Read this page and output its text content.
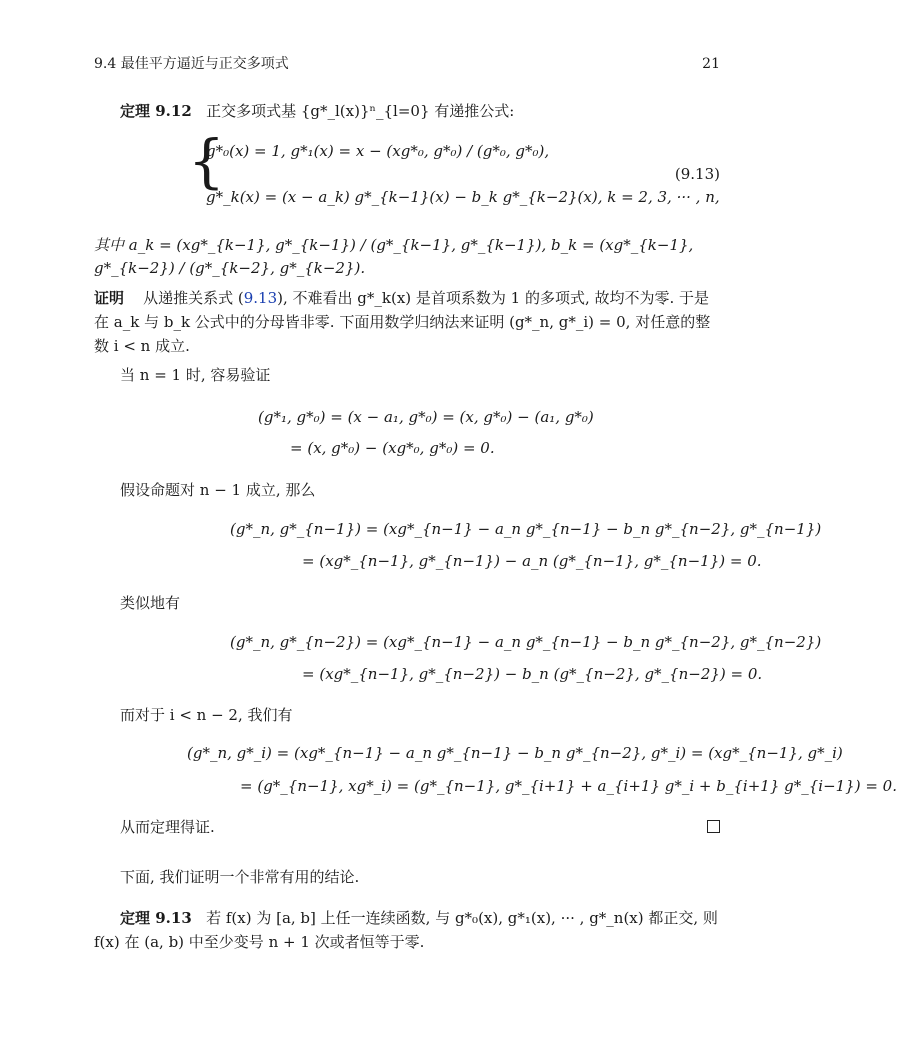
9.4 最佳平方逼近与正交多项式	21
定理 9.12 正交多项式基 {g*_l(x)}ⁿ_{l=0} 有递推公式:
{
g*₀(x) = 1, g*₁(x) = x − (xg*₀, g*₀) / (g*₀, g*₀),
g*_k(x) = (x − a_k) g*_{k−1}(x) − b_k g*_{k−2}(x), k = 2, 3, ··· , n,
(9.13)
其中 a_k = (xg*_{k−1}, g*_{k−1}) / (g*_{k−1}, g*_{k−1}), b_k = (xg*_{k−1}, g*_{k−2}) / (g*_{k−2}, g*_{k−2}).
证明 从递推关系式 (9.13), 不难看出 g*_k(x) 是首项系数为 1 的多项式, 故均不为零. 于是在 a_k 与 b_k 公式中的分母皆非零. 下面用数学归纳法来证明 (g*_n, g*_i) = 0, 对任意的整数 i < n 成立.
当 n = 1 时, 容易验证
(g*₁, g*₀) = (x − a₁, g*₀) = (x, g*₀) − (a₁, g*₀)
= (x, g*₀) − (xg*₀, g*₀) = 0.
假设命题对 n − 1 成立, 那么
(g*_n, g*_{n−1}) = (xg*_{n−1} − a_n g*_{n−1} − b_n g*_{n−2}, g*_{n−1})
= (xg*_{n−1}, g*_{n−1}) − a_n (g*_{n−1}, g*_{n−1}) = 0.
类似地有
(g*_n, g*_{n−2}) = (xg*_{n−1} − a_n g*_{n−1} − b_n g*_{n−2}, g*_{n−2})
= (xg*_{n−1}, g*_{n−2}) − b_n (g*_{n−2}, g*_{n−2}) = 0.
而对于 i < n − 2, 我们有
(g*_n, g*_i) = (xg*_{n−1} − a_n g*_{n−1} − b_n g*_{n−2}, g*_i) = (xg*_{n−1}, g*_i)
= (g*_{n−1}, xg*_i) = (g*_{n−1}, g*_{i+1} + a_{i+1} g*_i + b_{i+1} g*_{i−1}) = 0.
从而定理得证.
下面, 我们证明一个非常有用的结论.
定理 9.13 若 f(x) 为 [a, b] 上任一连续函数, 与 g*₀(x), g*₁(x), ··· , g*_n(x) 都正交, 则 f(x) 在 (a, b) 中至少变号 n + 1 次或者恒等于零.
